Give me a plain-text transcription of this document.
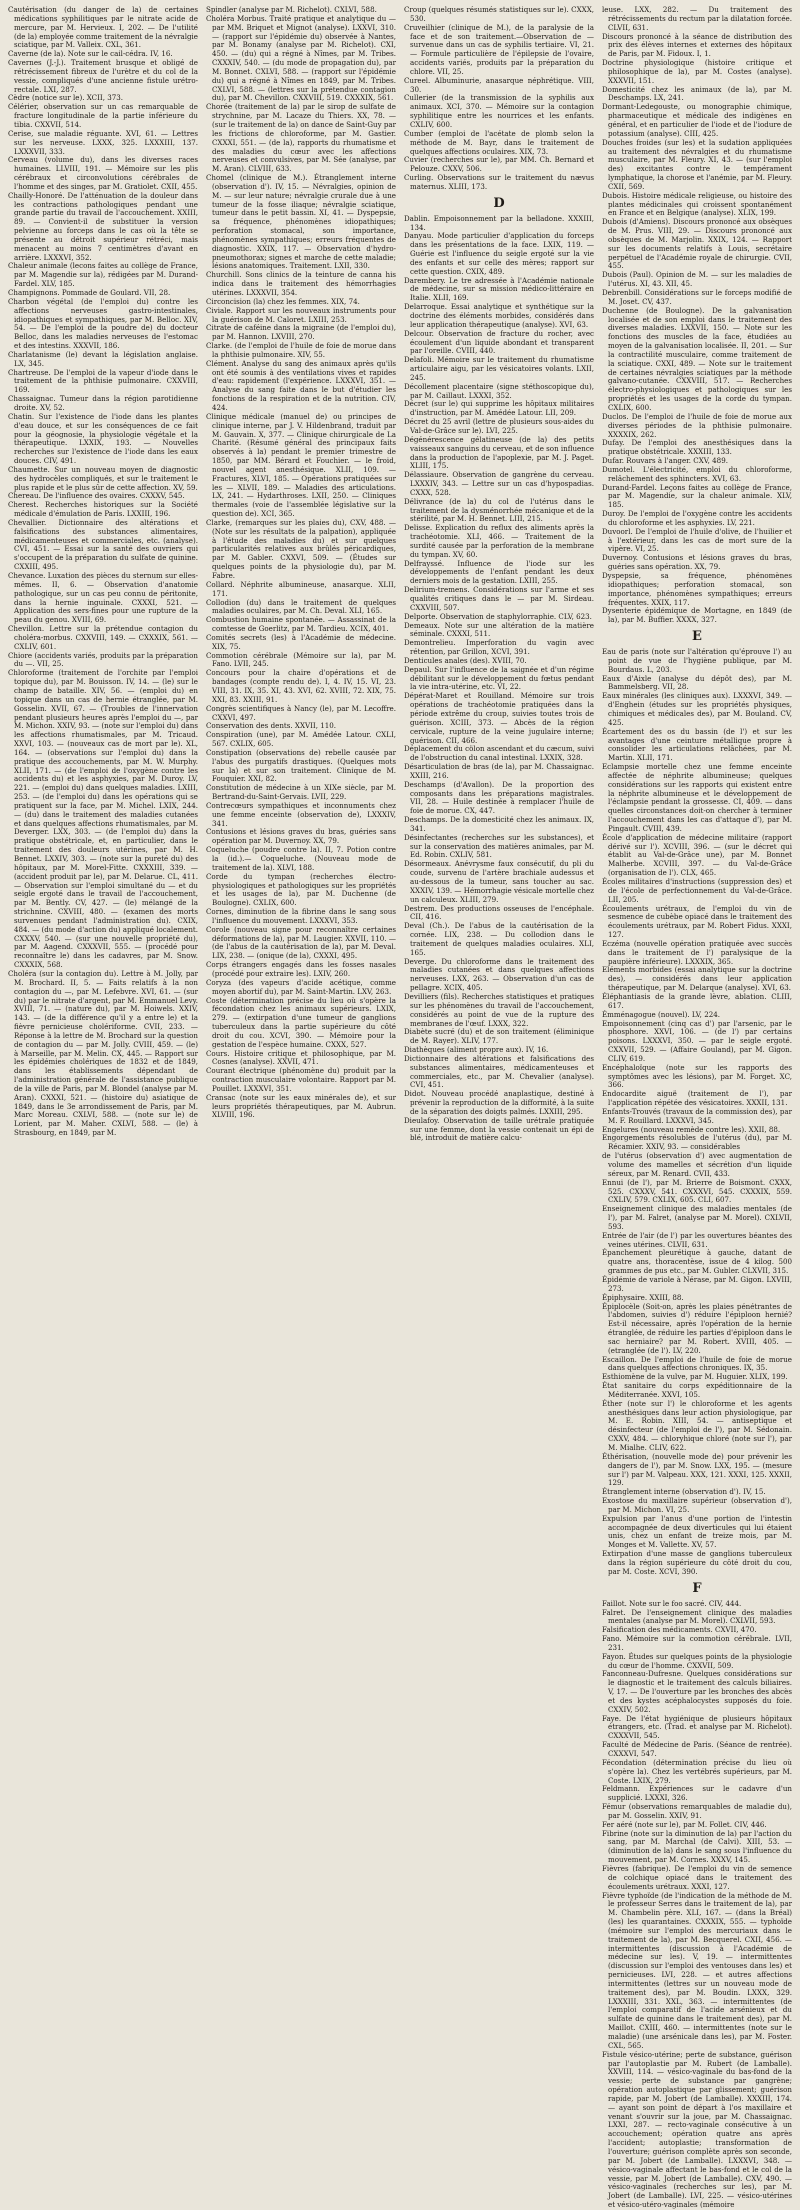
Cautérisation (du danger de la) de certaines médications syphilitiques par le nitrate acide de mercure, par M. Hervieux. I, 202. — De l'utilité (de la) employée comme traitement de la névralgie sciatique, par M. Valleix. CXL, 361.

Caverne (de la). Note sur le cail-cédra. IV, 16.

Cavernes (J.-J.). Traitement brusque et obligé de rétrécissement fibreux de l'urètre et du col de la vessie, compliqués d'une ancienne fistule urétro-rectale. LXI, 287.

Cèdre (notice sur le). XCII, 373.

Célérier, observation sur un cas remarquable de fracture longitudinale de la partie inférieure du tibia. CXXVII, 514.

Cerise, sue maladie réguante. XVI, 61. — Lettres sur les nerveuse. LXXX, 325. LXXXIII, 137. LXXXVII, 333.

Cerveau (volume du), dans les diverses races humaines. LLVIII, 191. — Mémoire sur les plis cérébraux et circonvolutions cérébrales de l'homme et des singes, par M. Gratiolet. CXII, 455.

Chailly-Honoré. De l'atténuation de la douleur dans les contractions pathologiques pendant une grande partie du travail de l'accouchement. XXIII, 89. — Convient-il de substituer la version pelvienne au forceps dans le cas où la tête se présente au détroit supérieur rétréci, mais menacent au moins 7 centimètres d'avant en arrière. LXXXVI, 352.

Chaleur animale (lecons faites au collège de France, par M. Magendie sur la), rédigées par M. Durand-Fardel. XLV, 185.

Champignons. Pommade de Goulard. VII, 28.

Charbon végétal (de l'emploi du) contre les affections nerveuses gastro-intestinales, idiopathiques et sympathiques, par M. Belloc. XIV, 54. — De l'emploi de la poudre de) du docteur Belloc, dans les maladies nerveuses de l'estomac et des intestins. XXXVII, 186.

Charlatanisme (le) devant la législation anglaise. LX, 345.

Chartreuse. De l'emploi de la vapeur d'iode dans le traitement de la phthisie pulmonaire. CXXVIII, 169.

Chassaignac. Tumeur dans la région parotidienne droite. XV, 52.

Chatin. Sur l'existence de l'iode dans les plantes d'eau douce, et sur les conséquences de ce fait pour la géognosie, la physiologie végétale et la thérapeutique. LXXIX, 193. — Nouvelles recherches sur l'existence de l'iode dans les eaux douces. CIV, 491.

Chaumette. Sur un nouveau moyen de diagnostic des hydrocèles compliqués, et sur le traitement le plus rapide et le plus sûr de cette affection. XV, 59.

Chereau. De l'influence des ovaires. CXXXV, 545.

Cherest. Recherches historiques sur la Société médicale d'émulation de Paris. LXXIII, 196.

Chevallier. Dictionnaire des altérations et falsifications des substances alimentaires, médicamenteuses et commerciales, etc. (analyse). CVI, 451. — Essai sur la santé des ouvriers qui s'occupent de la préparation du sulfate de quinine. CXXIII, 495.

Chevance. Luxation des pièces du sternum sur elles-mêmes. II, 6. — Observation d'anatomie pathologique, sur un cas peu connu de péritonite, dans la hernie inguinale. CXXXI, 521. — Application des sers-fines pour une rupture de la peau du genou. XVIII, 69.

Chevillon. Lettre sur la prétendue contagion du choléra-morbus. CXXVIII, 149. — CXXXIX, 561. — CXLIV, 601.

Chiore (accidents variés, produits par la préparation du —. VII, 25.

Chloroforme (traitement de l'orchite par l'emploi topique du), par M. Bouisson. IV, 14. — (le) sur le champ de bataille. XIV, 56. — (emploi du) en topique dans un cas de hernie étranglée, par M. Gosselin. XVII, 67. — (Troubles de l'innervation pendant plusieurs heures après l'emploi du —, par M. Michon. XXIV, 93. — (note sur l'emploi du) dans les affections rhumatismales, par M. Tricaud. XXVI, 103. — (nouveaux cas de mort par le). XL, 164. — (observations sur l'emploi du) dans la pratique des accouchements, par M. W. Murphy. XLII, 171. — (de l'emploi de l'oxygène contre les accidents du) et les asphyxies, par M. Duroy. LV, 221. — (emploi du) dans quelques maladies. LXIII, 253. — (de l'emploi du) dans les opérations qui se pratiquent sur la face, par M. Michel. LXIX, 244. — (du) dans le traitement des maladies cutanées et dans quelques affections rhumatismales, par M. Deverger. LXX, 303. — (de l'emploi du) dans la pratique obstétricale, et, en particulier, dans le traitement des douleurs utérines, par M. H. Bennet. LXXIV, 303. — (note sur la pureté du) des hôpitaux, par M. Morel-Fitte. CXXXIII, 339. — (accident produit par le), par M. Delarue. CL, 411. — Observation sur l'emploi simultané du — et du seigle ergoté dans le travail de l'accouchement, par M. Bently. CV, 427. — (le) mélangé de la strichnine. CXVIII, 480. — (examen des morts survenues pendant l'administration du). CXIX, 484. — (du mode d'action du) appliqué localement. CXXXV, 540. — (sur une nouvelle propriété du), par M. Aagend. CXXXVII, 555. — (procédé pour reconnaître le) dans les cadavres, par M. Snow. CXXXIX, 568.

Choléra (sur la contagion du). Lettre à M. Jolly, par M. Brochard. II, 5. — Faits relatifs à la non contagion du —, par M. Lefebvre. XVI, 61. — (sur du) par le nitrate d'argent, par M. Emmanuel Levy. XVIII, 71. — (nature du), par M. Hoiwels. XXIV, 143. — (de la différence qu'il y a entre le) et la fièvre pernicieuse cholériforme. CVII, 233. — Réponse à la lettre de M. Brochard sur la question de contagion du — par M. Jolly. CVIII, 459. — (le) à Marseille, par M. Melin. CX, 445. — Rapport sur les épidémies cholériques de 1832 et de 1849, dans les établissements dépendant de l'administration générale de l'assistance publique de la ville de Paris, par M. Blondel (analyse par M. Aran). CXXXI, 521. — (histoire du) asiatique de 1849, dans le 3e arrondissement de Paris, par M. Marc Moreau. CXLVI, 588. — (note sur le) de Lorient, par M. Maher. CXLVI, 588. — (le) à Strasbourg, en 1849, par M.

Spindler (analyse par M. Richelot). CXLVI, 588.

Choléra Morbus. Traité pratique et analytique du — par MM. Briquet et Mignot (analyse). LXXVI, 310. — (rapport sur l'épidémie du) observée à Nantes, par M. Bonamy (analyse par M. Richelot). CXI, 450. — (du) qui a régné à Nîmes, par M. Tribes. CXXXIV, 540. — (du mode de propagation du), par M. Bonnet. CXLVI, 588. — (rapport sur l'épidémie du) qui a régné à Nîmes en 1849, par M. Tribes. CXLVI, 588. — (lettres sur la prétendue contagion du), par M. Chevillon. CXXVIII, 519. CXXXIX, 561.

Chorée (traitement de la) par le sirop de sulfate de strychnine, par M. Lacaze du Thiers. XX, 78. — (sur le traitement de la) on dance de Saint-Guy par les frictions de chloroforme, par M. Gastier. CXXXI, 551. — (de la), rapports du rhumatisme et des maladies du cœur avec les affections nerveuses et convulsives, par M. Sée (analyse, par M. Aran). CLVIII, 633.

Chomel (clinique de M.). Étranglement interne (observation d'). IV, 15. — Névralgies, opinion de M. — sur leur nature; névralgie crurale due à une tumeur de la fosse iliaque; névralgie sciatique, tumeur dans le petit bassin. XI, 41. — Dyspepsie, sa fréquence, phénomènes idiopathiques; perforation stomacal, son importance, phénomènes sympathiques; erreurs fréquentes de diagnostic. XXIX, 117. — Observation d'hydro-pneumothorax; signes et marche de cette maladie; lésions anatomiques. Traitement. LXII, 330.

Churchill. Sons clinics de la teinture de canna his indica dans le traitement des hémorrhagies utérines. LXXXVII, 354.

Circoncision (la) chez les femmes. XIX, 74.

Civiale. Rapport sur les nouveaux instruments pour la guérison de M. Caloret. LXIII, 253.

Citrate de caféine dans la migraine (de l'emploi du), par M. Hannon. LXVIII, 270.

Clarke. (de l'emploi de l'huile de foie de morue dans la phthisie pulmonaire. XIV, 55.

Clément. Analyse du sang des animaux après qu'ils ont été soumis à des ventilations vives et rapides d'eau: rapidement (l'expérience. LXXXVI, 351. — Analyse du sang faite dans le but d'étudier les fonctions de la respiration et de la nutrition. CIV, 424.

Clinique médicale (manuel de) ou principes de clinique interne, par J. V. Hildenbrand, traduit par M. Gauvain. X, 377. — Clinique chirurgicale de La Charité. (Résumé général des principaux faits observés à la) pendant le premier trimestre de 1850, par MM. Bérard et Fouchier. — le froid, nouvel agent anesthésique. XLII, 109. — Fractures, XLVI, 185. — Opérations pratiquées sur les — XLVII, 189. — Maladies des articulations. LX, 241. — Hydarthroses. LXII, 250. — Cliniques thermales (voie de l'assemblée législative sur la question de). XCI, 365.

Clarke, (remarques sur les plaies du), CXV, 488. — (Note sur les résultats de la palpation), appliquée à l'étude des maladies du) et sur quelques particularités relatives aux brûlés péricardiques, par M. Gabler. CXXVI, 509. — (Études sur quelques points de la physiologie du), par M. Fabre.

Collard. Néphrite albumineuse, anasarque. XLII, 171.

Collodion (du) dans le traitement de quelques maladies oculaires, par M. Ch. Deval. XLI, 165.

Combustion humaine spontanée. — Assassinat de la comtesse de Goerlitz, par M. Tardieu. XCIX, 401.

Comités secrets (les) à l'Académie de médecine. XIX, 75.

Commotion cérébrale (Mémoire sur la), par M. Fano. LVII, 245.

Concours pour la chaire d'opérations et de bandages (compte rendu de). I, 4. IV, 15. VI, 23. VIII, 31. IX, 35. XI, 43. XVI, 62. XVIII, 72. XIX, 75. XXI, 83. XXIII, 91.

Congrès scientifiques à Nancy (le), par M. Lecoffre. CXXVI, 497.

Conservation des dents. XXVII, 110.

Conspiration (une), par M. Amédée Latour. CXLI, 567. CXLIX, 605.

Constipation (observations de) rebelle causée par l'abus des purgatifs drastiques. (Quelques mots sur la) et sur son traitement. Clinique de M. Fouquier. XXI, 82.

Constitution de médecine à un XIXe siècle, par M. Bertrand-du-Saint-Gervais. LVII, 229.

Contrecœurs sympathiques et inconnuments chez une femme enceinte (observation de), LXXXIV, 341.

Contusions et lésions graves du bras, guéries sans opération par M. Duvernoy. XX, 79.

Coqueluche (poudre contre la). II, 7. Potion contre la (id.).— Coqueluche. (Nouveau mode de traitement de la). XLVI, 188.

Corde du tympan (recherches électro-physiologiques et pathologiques sur les propriétés et les usages de la), par M. Duchenne (de Boulogne). CXLIX, 600.

Cornes, diminution de la fibrine dans le sang sous l'influence du mouvement. LXXXVI, 353.

Corole (nouveau signe pour reconnaître certaines déformations de la), par M. Laugier. XXVII, 110. — (de l'abus de la cautérisation de la), par M. Deval. LIX, 238. — (onique (de la), CXXXI, 495.

Corps étrangers engagés dans les fosses nasales (procédé pour extraire les). LXIV, 260.

Coryza (des vapeurs d'acide acétique, comme moyen abortif du), par M. Saint-Martin. LXV, 263.

Coste (détermination précise du lieu où s'opère la fécondation chez les animaux supérieurs. LXIX, 279. — (extirpation d'une tumeur de ganglions tuberculeux dans la partie supérieure du côté droit du cou. XCVI, 390. — Mémoire pour la gestation de l'espèce humaine. CXXX, 527.

Cours. Histoire critique et philosophique, par M. Cosnes (analyse). XXVII, 471.

Courant électrique (phénomène du) produit par la contraction musculaire volontaire. Rapport par M. Pouillet. LXXXVI, 351.

Cransac (note sur les eaux minérales de), et sur leurs propriétés thérapeutiques, par M. Aubrun. XLVIII, 196.

Croup (quelques résumés statistiques sur le). CXXX, 530.

Cruveilhier (clinique de M.), de la paralysie de la face et de son traitement.—Observation de — survenue dans un cas de syphilis tertiaire. VI, 21. — Formule particulière de l'épilepsie de l'ovaire, accidents variés, produits par la préparation du chlore. VII, 25.

Cureel. Albuminurie, anasarque néphrétique. VIII, 30.

Cullerier (de la transmission de la syphilis aux animaux. XCI, 370. — Mémoire sur la contagion syphilitique entre les nourrices et les enfants. CXLIV, 600.

Cumber (emploi de l'acétate de plomb selon la méthode de M. Bayr, dans le traitement de quelques affections oculaires. XIX, 73.

Cuvier (recherches sur le), par MM. Ch. Bernard et Pelouze. CXXV, 506.

Curling. Observations sur le traitement du nævus maternus. XLIII, 173.

D

Dablin. Empoisonnement par la belladone. XXXIII, 134.

Danyau. Mode particulier d'application du forceps dans les présentations de la face. LXIX, 119. — Guérie est l'influence du seigle ergoté sur la vie des enfants et sur celle des mères; rapport sur cette question. CXIX, 489.

Darembery. Le tre adressée à l'Académie nationale de médecine, sur sa mission médico-littéraire en Italie. XLII, 169.

Delarroque. Essai analytique et synthétique sur la doctrine des éléments morbides, considérés dans leur application thérapeutique (analyse). XVI, 63.

Delcour. Observation de fracture du rocher, avec écoulement d'un liquide abondant et transparent par l'oreille. CVIII, 440.

Delafoli. Mémoire sur le traitement du rhumatisme articulaire aigu, par les vésicatoires volants. LXII, 245.

Décollement placentaire (signe stéthoscopique du), par M. Caillaut. LXXXI, 352.

Décret (sur le) qui supprime les hôpitaux militaires d'instruction, par M. Amédée Latour. LII, 209.

Décret du 25 avril (lettre de plusieurs sous-aides du Val-de-Grâce sur le). LVI, 225.

Dégénérescence gélatineuse (de la) des petits vaisseaux sanguins du cerveau, et de son influence dans la production de l'apoplexie, par M. J. Paget. XLIII, 175.

Délassiaure. Observation de gangrène du cerveau. LXXXIV, 343. — Lettre sur un cas d'hypospadias. CXXX, 528.

Délivrance (de la) du col de l'utérus dans le traitement de la dysménorrhée mécanique et de la stérilité, par M. H. Bennet. LIII, 215.

Delisse. Explication du reflux des aliments après la trachéotomie. XLI, 466. — Traitement de la surdité causée par la perforation de la membrane du tympan. XV, 60.

Delfrayssé. Influence de l'iode sur les développements de l'enfant pendant les deux derniers mois de la gestation. LXIII, 255.

Delirium-tremens. Considérations sur l'arme et ses qualités critiques dans le — par M. Sirdeau. CXXVIII, 507.

Delporte. Observation de staphylorraphie. CLV, 623.

Demeaux. Note sur une altération de la matière séminale. CXXXI, 511.

Demontrelieu. Imperforation du vagin avec rétention, par Grillon, XCVI, 391.

Denticules anales (des). XVIII, 70.

Depaul. Sur l'influence de la saignée et d'un régime débilitant sur le développement du fœtus pendant la vie intra-utérine, etc. VI, 22.

Dépérat-Maret et Rouilland. Mémoire sur trois opérations de trachéotomie pratiquées dans la période extrême du croup, suivies toutes trois de guérison. XCIII, 373. — Abcès de la région cervicale, rupture de la veine jugulaire interne; guérison. CII, 466.

Déplacement du cölon ascendant et du cæcum, suivi de l'obstruction du canal intestinal. LXXIX, 328.

Désarticulation de bras (de la), par M. Chassaignac. XXIII, 216.

Deschamps (d'Avallon). De la proportion des composants dans les préparations magistrales. VII, 28. — Huile destinée à remplacer l'huile de foie de morue. CX, 447.

Deschamps. De la domesticité chez les animaux. IX, 341.

Désinfectantes (recherches sur les substances), et sur la conservation des matières animales, par M. Ed. Robin. CXLIV, 581.

Désormeaux. Anévrysme faux consécutif, du pli du coude, survenu de l'artère brachiale audessus et au-dessous de la tumeur, sans toucher au sac. XXXIV, 139. — Hémorrhagie vésicale mortelle chez un calculeux. XLIII, 279.

Destrem. Des productions osseuses de l'encéphale. CII, 416.

Deval (Ch.). De l'abus de la cautérisation de la cornée. LIX, 238. — Du collodion dans le traitement de quelques maladies oculaires. XLI, 165.

Deverge. Du chloroforme dans le traitement des maladies cutanées et dans quelques affections nerveuses. LXX, 263. — Observation d'un cas de pellagre. XCIX, 405.

Devilliers (fils). Recherches statistiques et pratiques sur les phénomènes du travail de l'accouchement, considérés au point de vue de la rupture des membranes de l'œuf. LXXX, 322.

Diabète sucré (du) et de son traitement (éliminique de M. Rayer). XLIV, 177.

Diathèques (aliment propre aux). IV, 16.

Dictionnaire des altérations et falsifications des substances alimentaires, médicamenteuses et commerciales, etc., par M. Chevalier (analyse). CVI, 451.

Didot. Nouveau procédé anaplastique, destiné à prévenir la reproduction de la difformité, à la suite de la séparation des doigts palmés. LXXIII, 295.

Dieulafoy. Observation de taille urétrale pratiquée sur une femme, dont la vessie contenait un épi de blé, introduit de matière calcu-

leuse. LXX, 282. — Du traitement des rétrécissements du rectum par la dilatation forcée. CLVII, 631.

Discours prononcé à la séance de distribution des prix des élèves internes et externes des hôpitaux de Paris, par M. Fidoux. I, 1.

Doctrine physiologique (histoire critique et philosophique de la), par M. Costes (analyse). XXXVII, 151.

Domesticité chez les animaux (de la), par M. Deschamps. LX, 241.

Dormant-Ledegouste, ou monographie chimique, pharmaceutique et médicale des indigènes en général, et en particulier de l'iode et de l'iodure de potassium (analyse). CIII, 425.

Douches froides (sur les) et la sudation appliquées au traitement des névralgies et du rhumatisme musculaire, par M. Fleury. XI, 43. — (sur l'emploi des) excitantes contre le tempérament lymphatique, la chorose et l'anémie, par M. Fleury. CXII, 569.

Dubois. Histoire médicale religieuse, ou histoire des plantes médicinales qui croissent spontanément en France et en Belgique (analyse). XLIX, 199.

Dubois (d'Amiens). Discours prononcé aux obsèques de M. Prus. VIII, 29. — Discours prononcé aux obsèques de M. Marjolin. XXIX, 124. — Rapport sur les documents relatifs à Louis, secrétaire perpétuel de l'Académie royale de chirurgie. CVII, 455.

Dubois (Paul). Opinion de M. — sur les maladies de l'utérus. XI, 43. XII, 45.

Debrenbill. Considérations sur le forceps modifié de M. Joset. CV, 437.

Duchenne (de Boulogne). De la galvanisation localisée et de son emploi dans le traitement des diverses maladies. LXXVII, 150. — Note sur les fonctions des muscles de la face, étudiées au moyen de la galvanisation localisée. II, 201. — Sur la contractilité musculaire, comme traitement de la sciatique. CXXI, 489. — Note sur le traitement de certaines névralgies sciatiques par la méthode galvano-cutanée. CXXVIII, 517. — Recherches électro-physiologiques et pathologiques sur les propriétés et les usages de la corde du tympan. CXLIX, 600.

Duclos. De l'emploi de l'huile de foie de morue aux diverses périodes de la phthisie pulmonaire. XXXXIX, 262.

Dufay. De l'emploi des anesthésiques dans la pratique obstétricale. XXXIII, 133.

Dufar. Rouvars à l'anger. CXV, 489.

Dumotel. L'électricité, emploi du chloroforme, relâchement des sphincters. XVI, 63.

Durand-Fardel. Leçons faites au collège de France, par M. Magendie, sur la chaleur animale. XLV, 185.

Duroy. De l'emploi de l'oxygène contre les accidents du chloroforme et les asphyxies. LV, 221.

Duvoorl. De l'emploi de l'huile d'olive, de l'huilier et à l'extérieur, dans les cas de mort sure de la vipère. VI, 25.

Duvernoy. Contusions et lésions graves du bras, guéries sans opération. XX, 79.

Dyspepsie, sa fréquence, phénomènes idiopathiques; perforation stomacal, son importance, phénomènes sympathiques; erreurs fréquentes. XXIX, 117.

Dysenterie épidémique de Mortagne, en 1849 (de la), par M. Buffier. XXXX, 327.

E

Eau de paris (note sur l'altération qu'éprouve l') au point de vue de l'hygiène publique, par M. Bourdaus. L, 203.

Eaux d'Aixle (analyse du dépôt des), par M. Bammelsberg. VII, 28.

Eaux minérales (les cliniques aux). LXXXVI, 349. — d'Enghein (études sur les propriétés physiques, chimiques et médicales des), par M. Bouland. CV, 425.

Écartement des os du bassin (de l') et sur les avantages d'une ceinture métallique propre à consolider les articulations relâchées, par M. Martin. XLII, 171.

Eclampsie mortelle chez une femme enceinte affectée de néphrite albumineuse; quelques considérations sur les rapports qui existent entre la néphrite albumineuse et le développement de l'éclampsie pendant la grossesse. CI, 409. — dans quelles circonstances doit-on chercher à terminer l'accouchement dans les cas d'attaque d'), par M. Pingault. CVIII, 439.

École d'application de médecine militaire (rapport dérivé sur l'). XCVIII, 396. — (sur le décret qui établit au Val-de-Grâce une), par M. Bonnet Malherbe. XCVIII, 397. — du Val-de-Grâce (organisation de l'). CLX, 465.

Écoles militaires d'instructions (suppression des) et de l'école de perfectionnement du Val-de-Grâce. LII, 205.

Écoulements urétraux, de l'emploi du vin de sesmence de cubèbe opiacé dans le traitement des écoulements urétraux, par M. Robert Fidus. XXXI, 127.

Eczéma (nouvelle opération pratiquée avec succès dans le traitement de l') paralysique de la paupière inférieure). LXXXIX, 365.

Eléments morbides (essai analytique sur la doctrine des), — considérés dans leur application thérapeutique, par M. Delarque (analyse). XVI, 63.

Éléphantiasis de la grande lèvre, ablation. CLIII, 617.

Émménagogue (nouvel). LV, 224.

Empoisonnement (cinq cas d') par l'arsenic, par le phosphore. XXVI, 106. — (de l') par certains poisons. LXXXVI, 350. — par le seigle ergoté. CXXVII, 529. — (Affaire Gouland), par M. Gigon. CLIV, 619.

Encéphaloïque (note sur les rapports des symptômes avec les lésions), par M. Forget. XC, 366.

Endocardite aiguë (traitement de l'), par l'application répétée des vésicatoires. XXXII, 131.

Enfants-Trouvés (travaux de la commission des), par M. F. Rouillard. LXXXVI, 345.

Engelures (nouveau remède contre les). XXII, 88.

Engorgements résolubles de l'utérus (du), par M. Récamier. XXIV, 93. — considérables

de l'utérus (observation d') avec augmentation de volume des mamelles et sécrétion d'un liquide séreux, par M. Renard. CVII, 433.

Ennui (de l'), par M. Brierre de Boismont. CXXX, 525. CXXXV, 541. CXXXVI, 545. CXXXIX, 559. CXLIV, 579. CXLIX, 605. CLI, 607.

Enseignement clinique des maladies mentales (de l'), par M. Falret, (analyse par M. Morel). CXLVII, 593.

Entrée de l'air (de l') par les ouvertures béantes des veines utérines. CLVII, 631.

Épanchement pleurétique à gauche, datant de quatre ans, thoracentèse, issue de 4 kilog. 500 grammes de pus etc., par M. Gubler. CLXVII, 315.

Épidémie de variole à Nérase, par M. Gigon. LXVIII, 273.

Épiphysaire. XXIII, 88.

Épiplocèle (Soit-on, après les plaies pénétrantes de l'abdomen, suivies d') réduire l'épiploon hernié? Est-il nécessaire, après l'opération de la hernie étranglée, de réduire les parties d'épiploon dans le sac herniaire? par M. Robert. XVIII, 405. — (etranglée (de l'). LV, 220.

Escaillon. De l'emploi de l'huile de foie de morue dans quelques affections chroniques. IX, 35.

Esthiomène de la vulve, par M. Huguier. XLIX, 199.

État sanitaire du corps expéditionnaire de la Méditerranée. XXVI, 105.

Éther (note sur l') le chloroforme et les agents anesthésiques dans leur action physiologique, par M. E. Robin. XIII, 54. — antiseptique et désinfecteur (de l'emploi de l'), par M. Sédonain. CXXV, 484. — chloryhique chloré (note sur l'), par M. Mialhe. CLIV, 622.

Éthérisation, (nouvelle mode de) pour prévenir les dangers de l'), par M. Snow. LXX, 195. — (mesure sur l') par M. Valpeau. XXX, 121. XXXI, 125. XXXII, 129.

Étranglement interne (observation d'). IV, 15.

Exostose du maxillaire supérieur (observation d'), par M. Michon. VI, 25.

Expulsion par l'anus d'une portion de l'intestin accompagnée de deux diverticules qui lui étaient unis, chez un enfant de treize mois, par M. Monges et M. Vallette. XV, 57.

Extirpation d'une masse de ganglions tuberculeux dans la région supérieure du côté droit du cou, par M. Coste. XCVI, 390.

F

Faillot. Note sur le foo sacré. CIV, 444.

Falret. De l'enseignement clinique des maladies mentales (analyse par M. Morel). CXLVII, 593.

Falsification des médicaments. CXVII, 470.

Fano. Mémoire sur la commotion cérébrale. LVII, 231.

Fayon. Études sur quelques points de la physiologie du cœur de l'homme. CXXVII, 509.

Fanconneau-Dufresne. Quelques considérations sur le diagnostic et le traitement des calculs biliaires. V, 17. — De l'ouverture par les bronches des abcès et des kystes acéphalocystes supposés du foie. CXXIV, 502.

Faye. De l'état hygiénique de plusieurs hôpitaux étrangers, etc. (Trad. et analyse par M. Richelot). CXXXVII, 545.

Faculté de Médecine de Paris. (Séance de rentrée). CXXXVI, 547.

Fécondation (détermination précise du lieu où s'opère la). Chez les vertébrés supérieurs, par M. Coste. LXIX, 279.

Feldmann. Expériences sur le cadavre d'un supplicié. LXXXI, 326.

Fémur (observations remarquables de maladie du), par M. Gosselin. XXIV, 91.

Fer aéré (note sur le), par M. Follet. CIV, 446.

Fibrine (note sur la diminution de la) par l'action du sang, par M. Marchal (de Calvi). XIII, 53. — (diminution de la) dans le sang sous l'influence du mouvement, par M. Cornes. XXXV, 145.

Fièvres (fabrique). De l'emploi du vin de semence de colchique opiacé dans le traitement des écoulements urétraux. XXXI, 127.

Fièvre typhoïde (de l'indication de la méthode de M. le professeur Serres dans le traitement de la), par M. Chambelin père. XLI, 167. — (dans la Bréal) (les) les quarantaines. CXXXIX, 555. — typhoïde (mémoire sur l'emploi des mercuriaux dans le traitement de la), par M. Becquerel. CXII, 456. — intermittentes (discussion à l'Académie de médecine sur les). V, 19. — intermittentes (discussion sur l'emploi des ventouses dans les) et pernicieuses. LVI, 228. — et autres affections intermittentes (lettres sur un nouveau mode de traitement des), par M. Boudin. LXXX, 329. LXXXIII, 331. XXL, 363. — intermittentes (de l'emploi comparatif de l'acide arsénieux et du sulfate de quinine dans le traitement des), par M. Maillot. CXIII, 460. — intermittentes (note sur le maladie) (une arsénicale dans les), par M. Foster. CXL, 565.

Fistule vésico-utérine; perte de substance, guérison par l'autoplastie par M. Rubert (de Lamballe). XXVIII, 114. — vésico-vaginale du bas-fond de la vessie; perte de substance par gangrène; opération autoplastique par glissement; guérison rapide, par M. Jobert (de Lamballe). XXXIII, 174. — ayant son point de départ à l'os maxillaire et venant s'ouvrir sur la joue, par M. Chassaignac. LXXI, 287. — recto-vaginale consécutive à un accouchement; opération quatre ans après l'accident; autoplastie; transformation de l'ouverture; guérison complète après son seconde, par M. Jobert (de Lamballe). LXXXVI, 348. — vésico-vaginale affectant le bas-fond et le col de la vessie, par M. Jobert (de Lamballe). CXV, 490. — vésico-vaginales (recherches sur les), par M. Jobert (de Lamballe). LVI, 225. — vésico-utérines et vésico-utéro-vaginales (mémoire
